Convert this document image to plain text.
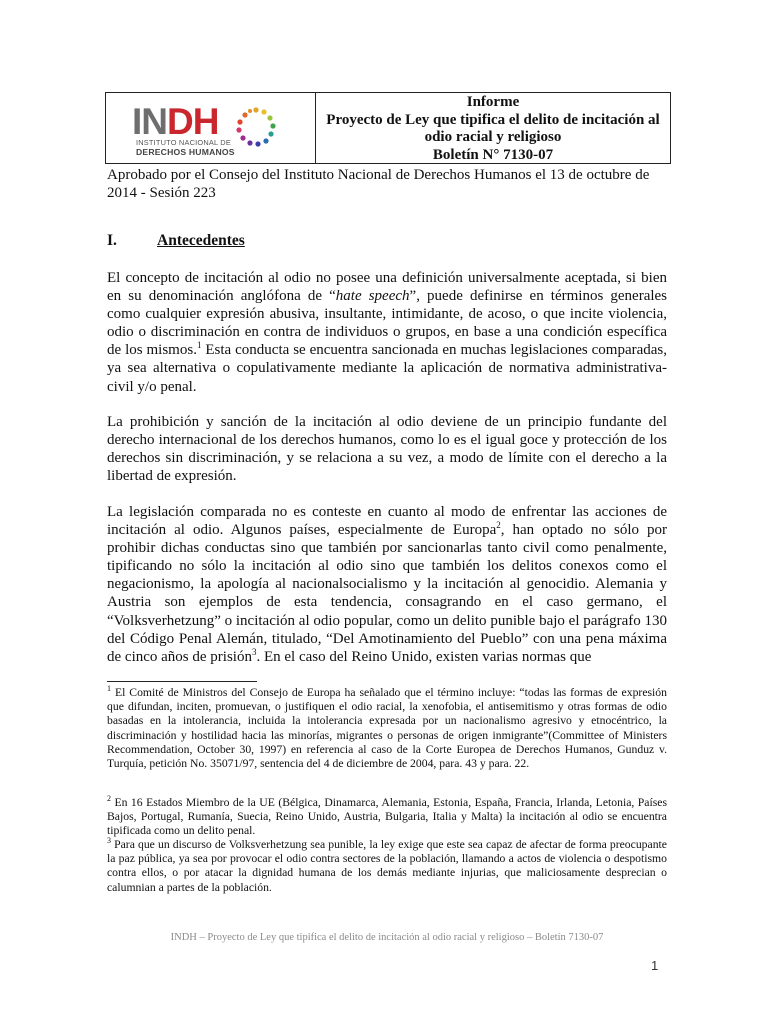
INDH
INSTITUTO NACIONAL DE
DERECHOS HUMANOS
Informe
Proyecto de Ley que tipifica el delito de incitación al
odio racial y religioso
Boletín N° 7130-07
Aprobado por el Consejo del Instituto Nacional de Derechos Humanos el 13 de octubre de 2014 - Sesión 223
I.	Antecedentes

El concepto de incitación al odio no posee una definición universalmente aceptada, si bien en su denominación anglófona de “hate speech”, puede definirse en términos generales como cualquier expresión abusiva, insultante, intimidante, de acoso, o que incite violencia, odio o discriminación en contra de individuos o grupos, en base a una condición específica de los mismos.$^1$ Esta conducta se encuentra sancionada en muchas legislaciones comparadas, ya sea alternativa o copulativamente mediante la aplicación de normativa administrativa-civil y/o penal.

La prohibición y sanción de la incitación al odio deviene de un principio fundante del derecho internacional de los derechos humanos, como lo es el igual goce y protección de los derechos sin discriminación, y se relaciona a su vez, a modo de límite con el derecho a la libertad de expresión.

La legislación comparada no es conteste en cuanto al modo de enfrentar las acciones de incitación al odio. Algunos países, especialmente de Europa$^2$, han optado no sólo por prohibir dichas conductas sino que también por sancionarlas tanto civil como penalmente, tipificando no sólo la incitación al odio sino que también los delitos conexos como el negacionismo, la apología al nacionalsocialismo y la incitación al genocidio. Alemania y Austria son ejemplos de esta tendencia, consagrando en el caso germano, el “Volksverhetzung” o incitación al odio popular, como un delito punible bajo el parágrafo 130 del Código Penal Alemán, titulado, “Del Amotinamiento del Pueblo” con una pena máxima de cinco años de prisión$^3$. En el caso del Reino Unido, existen varias normas que

$^1$ El Comité de Ministros del Consejo de Europa ha señalado que el término incluye: “todas las formas de expresión que difundan, inciten, promuevan, o justifiquen el odio racial, la xenofobia, el antisemitismo y otras formas de odio basadas en la intolerancia, incluida la intolerancia expresada por un nacionalismo agresivo y etnocéntrico, la discriminación y hostilidad hacia las minorías, migrantes o personas de origen inmigrante”(Committee of Ministers Recommendation, October 30, 1997) en referencia al caso de la Corte Europea de Derechos Humanos, Gunduz v. Turquía, petición No. 35071/97, sentencia del 4 de diciembre de 2004, para. 43 y para. 22.

$^2$ En 16 Estados Miembro de la UE (Bélgica, Dinamarca, Alemania, Estonia, España, Francia, Irlanda, Letonia, Países Bajos, Portugal, Rumanía, Suecia, Reino Unido, Austria, Bulgaria, Italia y Malta) la incitación al odio se encuentra tipificada como un delito penal.

$^3$ Para que un discurso de Volksverhetzung sea punible, la ley exige que este sea capaz de afectar de forma preocupante la paz pública, ya sea por provocar el odio contra sectores de la población, llamando a actos de violencia o despotismo contra ellos, o por atacar la dignidad humana de los demás mediante injurias, que maliciosamente desprecian o calumnian a partes de la población.

INDH – Proyecto de Ley que tipifica el delito de incitación al odio racial y religioso – Boletín 7130-07
1
